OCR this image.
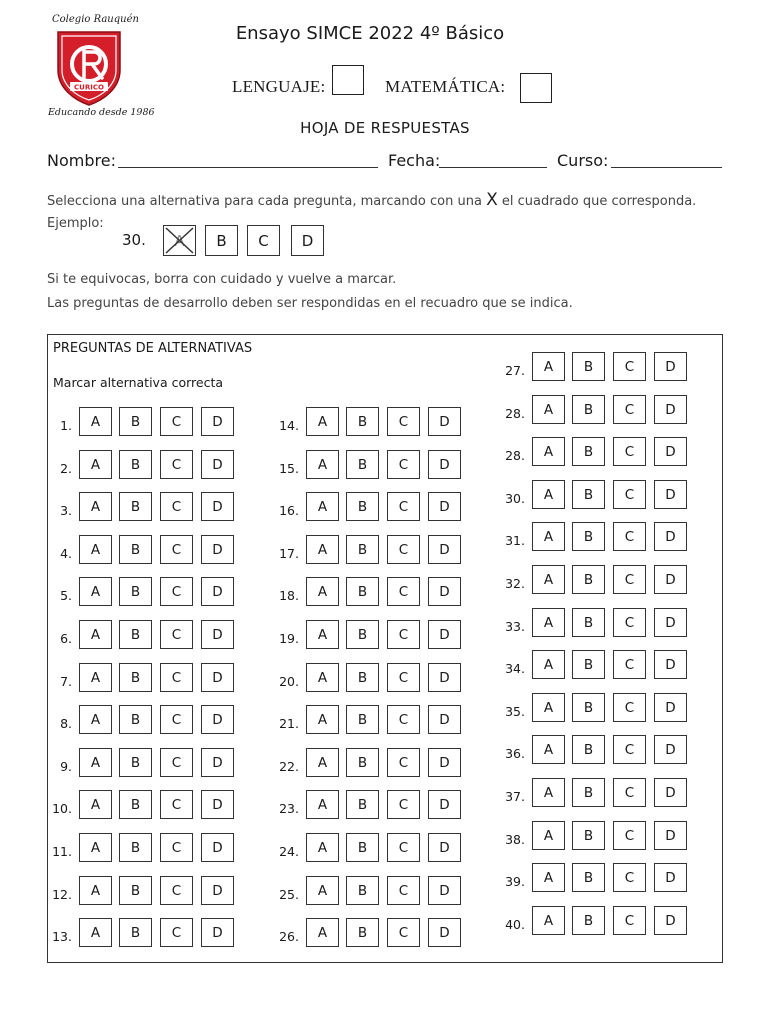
Colegio Rauquén
CURICO
Educando desde 1986
Ensayo SIMCE 2022 4º Básico
LENGUAJE:	MATEMÁTICA:
HOJA DE RESPUESTAS
Nombre:	Fecha:	Curso:
Selecciona una alternativa para cada pregunta, marcando con una X el cuadrado que corresponda.
Ejemplo:
30.	A	B	C	D
Si te equivocas, borra con cuidado y vuelve a marcar.
Las preguntas de desarrollo deben ser respondidas en el recuadro que se indica.
PREGUNTAS DE ALTERNATIVAS
Marcar alternativa correcta
1.	A	B	C	D
2.	A	B	C	D
3.	A	B	C	D
4.	A	B	C	D
5.	A	B	C	D
6.	A	B	C	D
7.	A	B	C	D
8.	A	B	C	D
9.	A	B	C	D
10.	A	B	C	D
11.	A	B	C	D
12.	A	B	C	D
13.	A	B	C	D
14.	A	B	C	D
15.	A	B	C	D
16.	A	B	C	D
17.	A	B	C	D
18.	A	B	C	D
19.	A	B	C	D
20.	A	B	C	D
21.	A	B	C	D
22.	A	B	C	D
23.	A	B	C	D
24.	A	B	C	D
25.	A	B	C	D
26.	A	B	C	D
27.	A	B	C	D
28.	A	B	C	D
28.	A	B	C	D
30.	A	B	C	D
31.	A	B	C	D
32.	A	B	C	D
33.	A	B	C	D
34.	A	B	C	D
35.	A	B	C	D
36.	A	B	C	D
37.	A	B	C	D
38.	A	B	C	D
39.	A	B	C	D
40.	A	B	C	D
